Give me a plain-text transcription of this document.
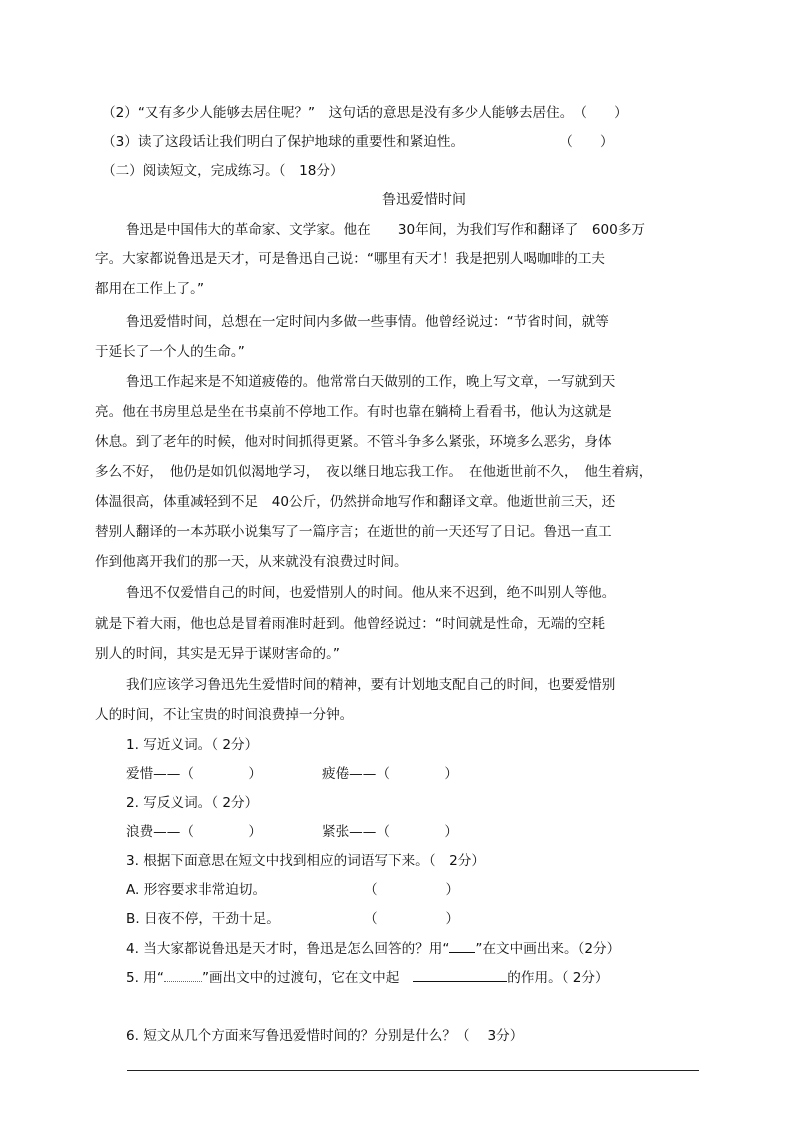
（2）“又有多少人能够去居住呢？”　这句话的意思是没有多少人能够去居住。　（　　）
（3）读了这段话让我们明白了保护地球的重要性和紧迫性。　　　　　　　　（　　）
（二）阅读短文，完成练习。（　18分）
鲁迅爱惜时间
鲁迅是中国伟大的革命家、文学家。他在　　30年间，为我们写作和翻译了　600多万
字。大家都说鲁迅是天才，可是鲁迅自己说：“哪里有天才！我是把别人喝咖啡的工夫
都用在工作上了。”
鲁迅爱惜时间，总想在一定时间内多做一些事情。他曾经说过：“节省时间，就等
于延长了一个人的生命。”
鲁迅工作起来是不知道疲倦的。他常常白天做别的工作，晚上写文章，一写就到天
亮。他在书房里总是坐在书桌前不停地工作。有时也靠在躺椅上看看书，他认为这就是
休息。到了老年的时候，他对时间抓得更紧。不管斗争多么紧张，环境多么恶劣，身体
多么不好，　他仍是如饥似渴地学习，　夜以继日地忘我工作。　在他逝世前不久，　他生着病，
体温很高，体重减轻到不足　40公斤，仍然拼命地写作和翻译文章。他逝世前三天，还
替别人翻译的一本苏联小说集写了一篇序言；在逝世的前一天还写了日记。鲁迅一直工
作到他离开我们的那一天，从来就没有浪费过时间。
鲁迅不仅爱惜自己的时间，也爱惜别人的时间。他从来不迟到，绝不叫别人等他。
就是下着大雨，他也总是冒着雨准时赶到。他曾经说过：“时间就是性命，无端的空耗
别人的时间，其实是无异于谋财害命的。”
我们应该学习鲁迅先生爱惜时间的精神，要有计划地支配自己的时间，也要爱惜别
人的时间，不让宝贵的时间浪费掉一分钟。
1. 写近义词。（ 2分）
爱惜——（　　　　）	疲倦——（　　　　）
2. 写反义词。（ 2分）
浪费——（　　　　）	紧张——（　　　　）
3. 根据下面意思在短文中找到相应的词语写下来。（　2分）
A. 形容要求非常迫切。	（　　　　　）
B. 日夜不停，干劲十足。	（　　　　　）
4. 当大家都说鲁迅是天才时，鲁迅是怎么回答的？用“ ”在文中画出来。（2分）
5. 用“	”画出文中的过渡句，它在文中起	的作用。（ 2分）
6. 短文从几个方面来写鲁迅爱惜时间的？分别是什么？（　 3分）
